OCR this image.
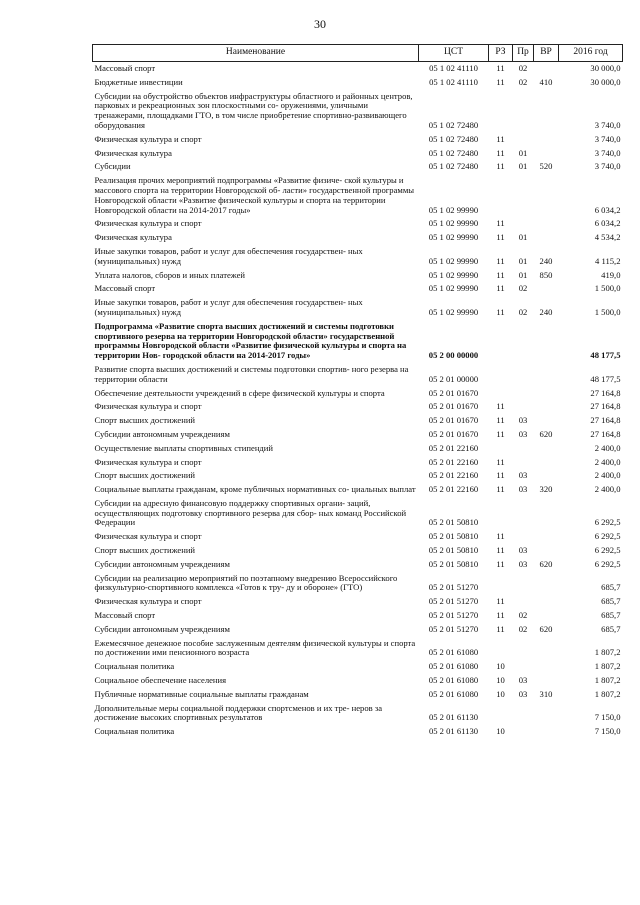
30
Наименование	ЦСТ	РЗ	Пр	ВР	2016 год
Массовый спорт	05 1 02 41110	11	02		30 000,0
Бюджетные инвестиции	05 1 02 41110	11	02	410	30 000,0
Субсидии на обустройство объектов инфраструктуры областного и районных центров, парковых и рекреационных зон плоскостными со- оружениями, уличными тренажерами, площадками ГТО, в том числе приобретение спортивно-развивающего оборудования	05 1 02 72480				3 740,0
Физическая культура и спорт	05 1 02 72480	11			3 740,0
Физическая культура	05 1 02 72480	11	01		3 740,0
Субсидии	05 1 02 72480	11	01	520	3 740,0
Реализация прочих мероприятий подпрограммы «Развитие физиче- ской культуры и массового спорта на территории Новгородской об- ласти» государственной программы Новгородской области «Развитие физической культуры и спорта на территории Новгородской области на 2014-2017 годы»	05 1 02 99990				6 034,2
Физическая культура и спорт	05 1 02 99990	11			6 034,2
Физическая культура	05 1 02 99990	11	01		4 534,2
Иные закупки товаров, работ и услуг для обеспечения государствен- ных (муниципальных) нужд	05 1 02 99990	11	01	240	4 115,2
Уплата налогов, сборов и иных платежей	05 1 02 99990	11	01	850	419,0
Массовый спорт	05 1 02 99990	11	02		1 500,0
Иные закупки товаров, работ и услуг для обеспечения государствен- ных (муниципальных) нужд	05 1 02 99990	11	02	240	1 500,0
Подпрограмма «Развитие спорта высших достижений и системы подготовки спортивного резерва на территории Новгородской области» государственной программы Новгородской области «Развитие физической культуры и спорта на территории Нов- городской области на 2014-2017 годы»	05 2 00 00000				48 177,5
Развитие спорта высших достижений и системы подготовки спортив- ного резерва на территории области	05 2 01 00000				48 177,5
Обеспечение деятельности учреждений в сфере физической культуры и спорта	05 2 01 01670				27 164,8
Физическая культура и спорт	05 2 01 01670	11			27 164,8
Спорт высших достижений	05 2 01 01670	11	03		27 164,8
Субсидии автономным учреждениям	05 2 01 01670	11	03	620	27 164,8
Осуществление выплаты спортивных стипендий	05 2 01 22160				2 400,0
Физическая культура и спорт	05 2 01 22160	11			2 400,0
Спорт высших достижений	05 2 01 22160	11	03		2 400,0
Социальные выплаты гражданам, кроме публичных нормативных со- циальных выплат	05 2 01 22160	11	03	320	2 400,0
Субсидии на адресную финансовую поддержку спортивных органи- заций, осуществляющих подготовку спортивного резерва для сбор- ных команд Российской Федерации	05 2 01 50810				6 292,5
Физическая культура и спорт	05 2 01 50810	11			6 292,5
Спорт высших достижений	05 2 01 50810	11	03		6 292,5
Субсидии автономным учреждениям	05 2 01 50810	11	03	620	6 292,5
Субсидии на реализацию мероприятий по поэтапному внедрению Всероссийского физкультурно-спортивного комплекса «Готов к тру- ду и обороне» (ГТО)	05 2 01 51270				685,7
Физическая культура и спорт	05 2 01 51270	11			685,7
Массовый спорт	05 2 01 51270	11	02		685,7
Субсидии автономным учреждениям	05 2 01 51270	11	02	620	685,7
Ежемесячное денежное пособие заслуженным деятелям физической культуры и спорта по достижении ими пенсионного возраста	05 2 01 61080				1 807,2
Социальная политика	05 2 01 61080	10			1 807,2
Социальное обеспечение населения	05 2 01 61080	10	03		1 807,2
Публичные нормативные социальные выплаты гражданам	05 2 01 61080	10	03	310	1 807,2
Дополнительные меры социальной поддержки спортсменов и их тре- неров за достижение высоких спортивных результатов	05 2 01 61130				7 150,0
Социальная политика	05 2 01 61130	10			7 150,0
